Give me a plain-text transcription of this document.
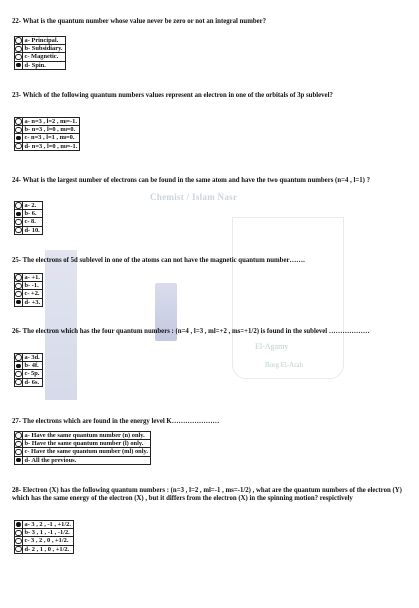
Chemist / Islam Nasr
El-Agamy
Borg El-Arab
22- What is the quantum number whose value never be zero or not an integral number?
	a- Principal.
	b- Subsidiary.
	c- Magnetic.
	d- Spin.
23- Which of the following quantum numbers values represent an electron in one of the orbitals of 3p sublevel?
	a- n=3 , l=2 , mₗ=-1.
	b- n=3 , l=0 , mₗ=0.
	c- n=3 , l=1 , mₗ=0.
	d- n=3 , l=0 , mₗ=-1.
24- What is the largest number of electrons can be found in the same atom and have the two quantum numbers (n=4 , l=1) ?
	a- 2.
	b- 6.
	c- 8.
	d- 10.
25- The electrons of 5d sublevel in one of the atoms can not have the magnetic quantum number…….
	a- +1.
	b- -1.
	c- +2.
	d- +3.
26- The electron which has the four quantum numbers : (n=4 , l=3 , ml=+2 , ms=+1/2) is found in the sublevel ………………
	a- 3d.
	b- 4f.
	c- 5p.
	d- 6s.
27- The electrons which are found in the energy level K…………………
	a- Have the same quantum number (n) only.
	b- Have the same quantum number (l) only.
	c- Have the same quantum number (ml) only.
	d- All the previous.
28- Electron (X) has the following quantum numbers : (n=3 , l=2 , ml=-1 , ms=-1/2) , what are the quantum numbers of the electron (Y) which has the same energy of the electron (X) , but it differs from the electron (X) in the spinning motion? respictively
	a- 3 , 2 , -1 , +1/2.
	b- 3 , 1 , -1 , -1/2.
	c- 3 , 2 , 0 , +1/2.
	d- 2 , 1 , 0 , +1/2.
